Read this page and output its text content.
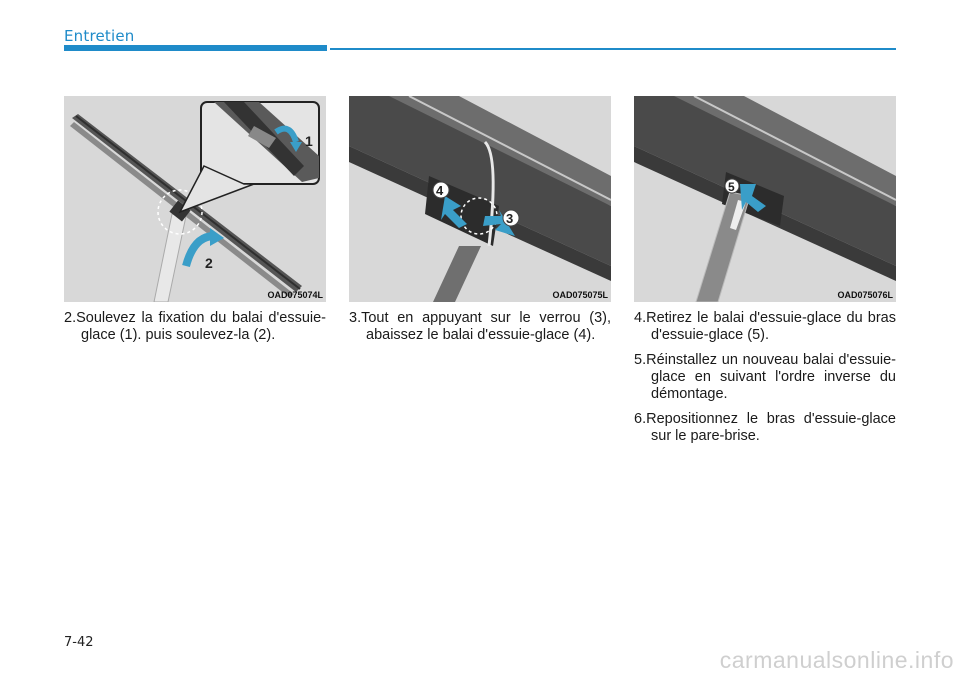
Entretien
1
2
OAD075074L
4
3
OAD075075L
5
OAD075076L

2.Soulevez la fixation du balai d'essuie-glace (1). puis soulevez-la (2).

3.Tout en appuyant sur le verrou (3), abaissez le balai d'essuie-glace (4).

4.Retirez le balai d'essuie-glace du bras d'essuie-glace (5).

5.Réinstallez un nouveau balai d'essuie-glace en suivant l'ordre inverse du démontage.

6.Repositionnez le bras d'essuie-glace sur le pare-brise.

7-42
carmanualsonline.info
